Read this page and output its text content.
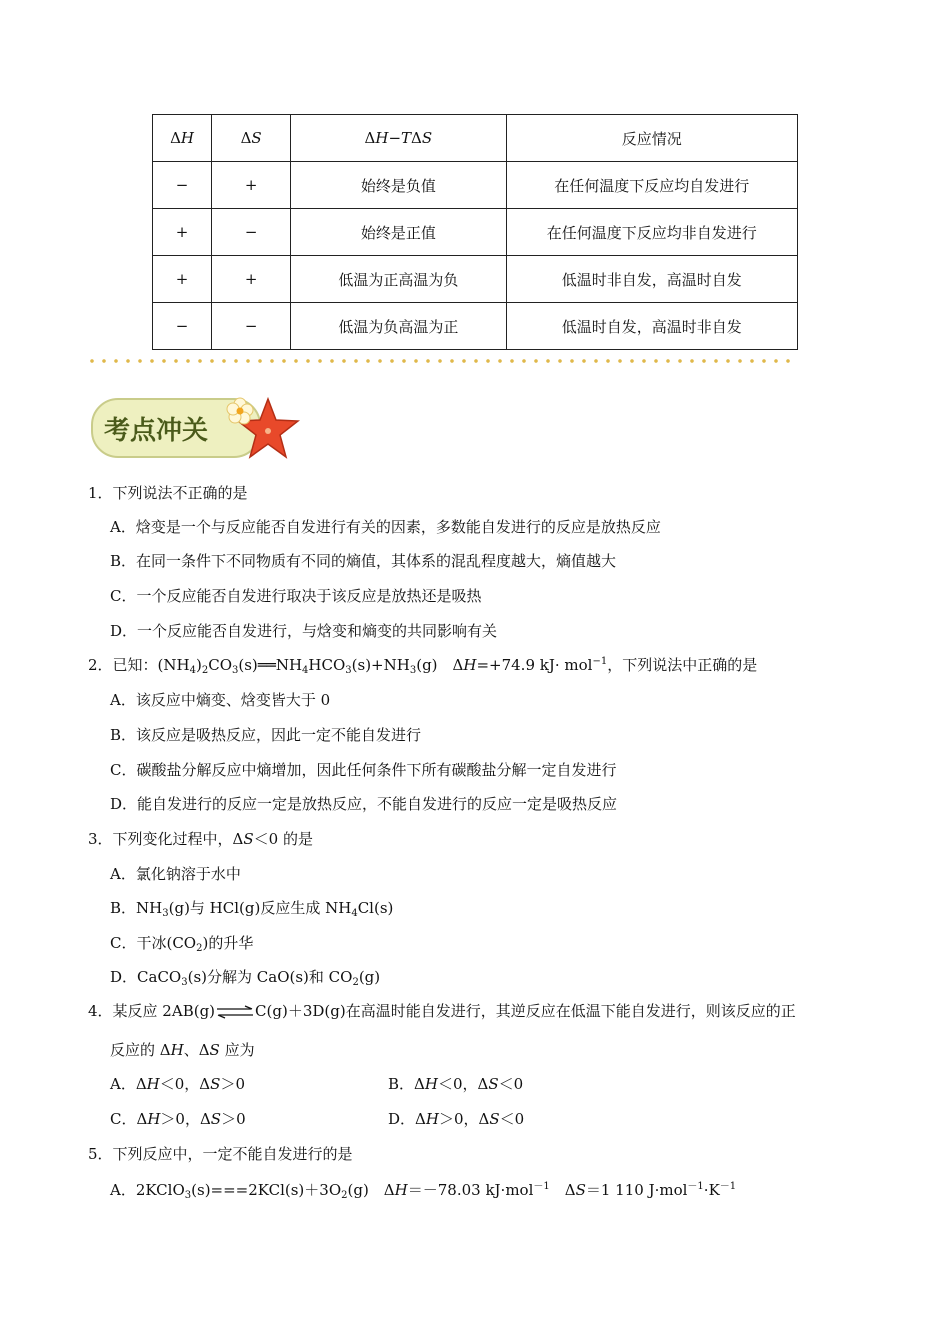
ΔH	ΔS	ΔH−TΔS	反应情况
−	+	始终是负值	在任何温度下反应均自发进行
+	−	始终是正值	在任何温度下反应均非自发进行
+	+	低温为正高温为负	低温时非自发，高温时自发
−	−	低温为负高温为正	低温时自发，高温时非自发
考点冲关
1．下列说法不正确的是
A．焓变是一个与反应能否自发进行有关的因素，多数能自发进行的反应是放热反应
B．在同一条件下不同物质有不同的熵值，其体系的混乱程度越大，熵值越大
C．一个反应能否自发进行取决于该反应是放热还是吸热
D．一个反应能否自发进行，与焓变和熵变的共同影响有关
2．已知：$(NH_4)_2CO_3(s)══NH_4HCO_3(s)+NH_3(g)$　ΔH=+74.9 kJ· mol$^{-1}$，下列说法中正确的是
A．该反应中熵变、焓变皆大于 0
B．该反应是吸热反应，因此一定不能自发进行
C．碳酸盐分解反应中熵增加，因此任何条件下所有碳酸盐分解一定自发进行
D．能自发进行的反应一定是放热反应，不能自发进行的反应一定是吸热反应
3．下列变化过程中，ΔS＜0 的是
A．氯化钠溶于水中
B．$NH_3(g)$与 HCl(g)反应生成 $NH_4Cl(s)$
C．干冰$(CO_2)$的升华
D．CaCO$_3$(s)分解为 CaO(s)和 $CO_2(g)$
4．某反应 2AB(g)⇌C(g)＋3D(g)在高温时能自发进行，其逆反应在低温下能自发进行，则该反应的正
反应的 ΔH、ΔS 应为
A．ΔH＜0，ΔS＞0	B．ΔH＜0，ΔS＜0
C．ΔH＞0，ΔS＞0	D．ΔH＞0，ΔS＜0
5．下列反应中，一定不能自发进行的是
A．$2KClO_3(s)===2KCl(s)+3O_2(g)$　ΔH＝－78.03 kJ·mol$^{-1}$　ΔS＝1 110 $J\cdot mol^{-1}\cdot K^{-1}$
